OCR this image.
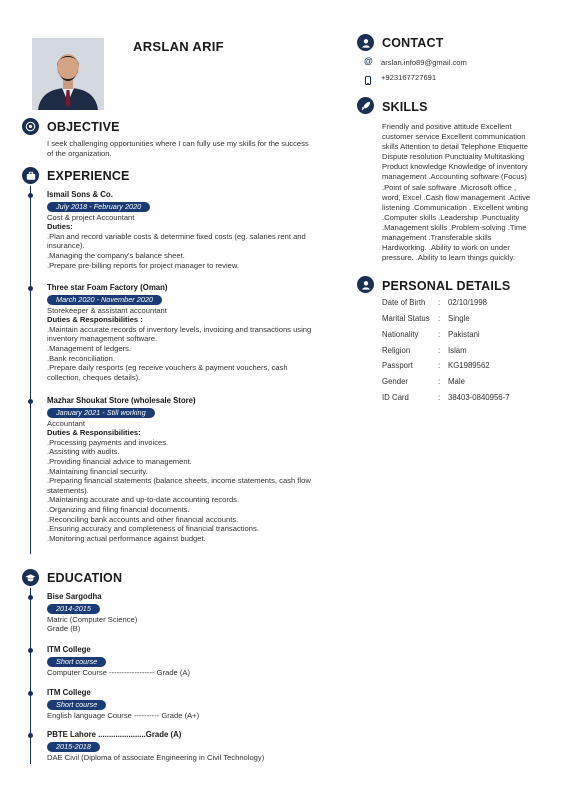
ARSLAN ARIF
OBJECTIVE
I seek challenging opportunities where I can fully use my skills for the success
of the organization.
EXPERIENCE
Ismail Sons & Co.
July 2018 - February 2020
Cost & project Accountant
Duties:
.Plan and record variable costs & determine fixed costs (eg. salaries rent and
insurance).
.Managing the company's balance sheet.
.Prepare pre-billing reports for project manager to review.
Three star Foam Factory (Oman)
March 2020 - November 2020
Storekeeper & assistant accountant
Duties & Responsibilities :
.Maintain accurate records of inventory levels, invoicing and transactions using
inventory management software.
.Management of ledgers.
.Bank reconciliation.
.Prepare daily resports (eg receive vouchers & payment vouchers, cash
collection, cheques details).
Mazhar Shoukat Store (wholesale Store)
January 2021 - Still working
Accountant
Duties & Responsibilities:
.Processing payments and invoices.
.Assisting with audits.
.Providing financial advice to management.
.Maintaining financial security.
.Preparing financial statements (balance sheets, income statements, cash flow
statements).
.Maintaining accurate and up-to-date accounting records.
.Organizing and filing financial documents.
.Reconciling bank accounts and other financial accounts.
.Ensuring accuracy and completeness of financial transactions.
.Monitoring actual performance against budget.
EDUCATION
Bise Sargodha
2014-2015
Matric (Computer Science)
Grade (B)
ITM College
Short course
Computer Course ------------------ Grade (A)
ITM College
Short course
English language Course ---------- Grade (A+)
PBTE Lahore ......................Grade (A)
2015-2018
DAE Civil (Diploma of associate Engineering in Civil Technology)
CONTACT
@ arslan.info89@gmail.com
+923167727691
SKILLS
Friendly and positive attitude Excellent
customer service Excellent communication
skills Attention to detail Telephone Etiquette
Dispute resolution Punctuality Multitasking
Product knowledge Knowledge of inventory
management .Accounting software (Focus)
.Point of sale software .Microsoft office ,
word, Excel .Cash flow management .Active
listening .Communication . Excellent writing
.Computer skills .Leadership .Punctuality
.Management skills .Problem-solving .Time
management .Transferable skills
Hardworking. .Ability to work on under
pressure. .Ability to learn things quickly.
PERSONAL DETAILS
Date of Birth : 02/10/1998
Marital Status : Single
Nationality	: Pakistani
Religion	: Islam
Passport	: KG1989562
Gender	: Male
ID Card	: 38403-0840956-7
